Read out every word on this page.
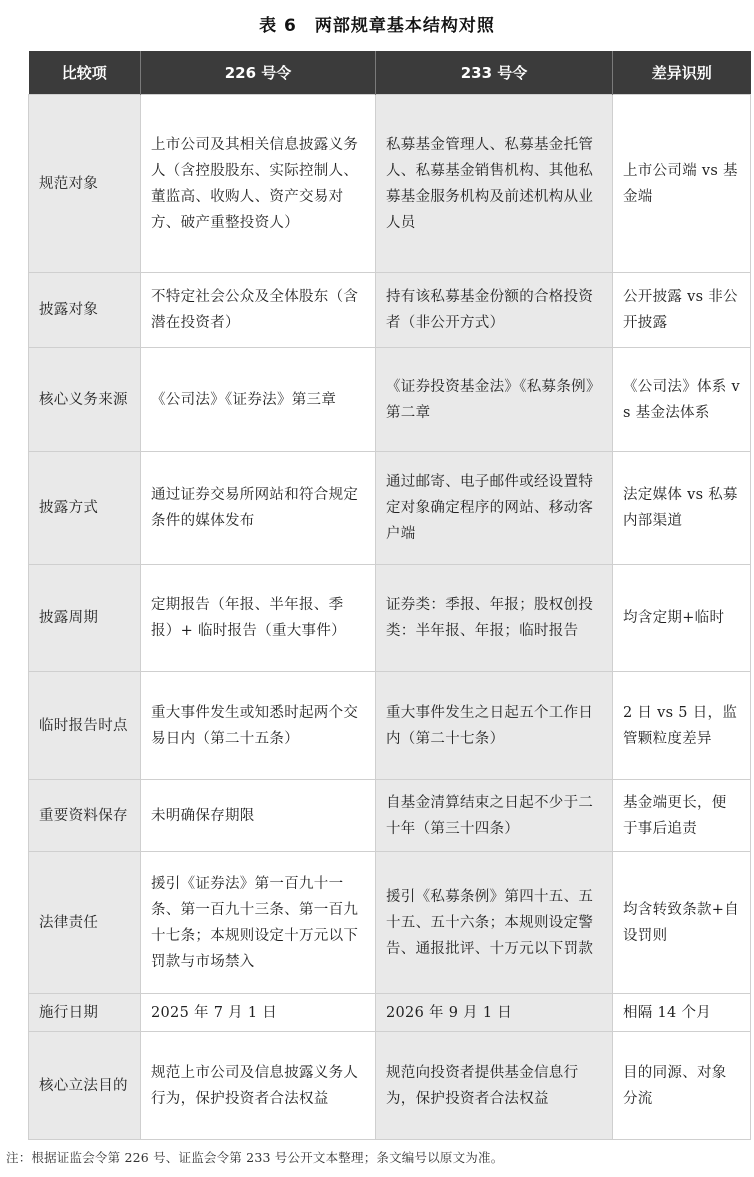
表 6　两部规章基本结构对照
比较项	226 号令	233 号令	差异识别
规范对象	上市公司及其相关信息披露义务人（含控股股东、实际控制人、董监高、收购人、资产交易对方、破产重整投资人）	私募基金管理人、私募基金托管人、私募基金销售机构、其他私募基金服务机构及前述机构从业人员	上市公司端 vs 基金端
披露对象	不特定社会公众及全体股东（含潜在投资者）	持有该私募基金份额的合格投资者（非公开方式）	公开披露 vs 非公开披露
核心义务来源	《公司法》《证券法》第三章	《证券投资基金法》《私募条例》第二章	《公司法》体系 vs 基金法体系
披露方式	通过证券交易所网站和符合规定条件的媒体发布	通过邮寄、电子邮件或经设置特定对象确定程序的网站、移动客户端	法定媒体 vs 私募内部渠道
披露周期	定期报告（年报、半年报、季报）+ 临时报告（重大事件）	证券类：季报、年报；股权创投类：半年报、年报；临时报告	均含定期+临时
临时报告时点	重大事件发生或知悉时起两个交易日内（第二十五条）	重大事件发生之日起五个工作日内（第二十七条）	2 日 vs 5 日，监管颗粒度差异
重要资料保存	未明确保存期限	自基金清算结束之日起不少于二十年（第三十四条）	基金端更长，便于事后追责
法律责任	援引《证券法》第一百九十一条、第一百九十三条、第一百九十七条；本规则设定十万元以下罚款与市场禁入	援引《私募条例》第四十五、五十五、五十六条；本规则设定警告、通报批评、十万元以下罚款	均含转致条款+自设罚则
施行日期	2025 年 7 月 1 日	2026 年 9 月 1 日	相隔 14 个月
核心立法目的	规范上市公司及信息披露义务人行为，保护投资者合法权益	规范向投资者提供基金信息行为，保护投资者合法权益	目的同源、对象分流
注：根据证监会令第 226 号、证监会令第 233 号公开文本整理；条文编号以原文为准。
